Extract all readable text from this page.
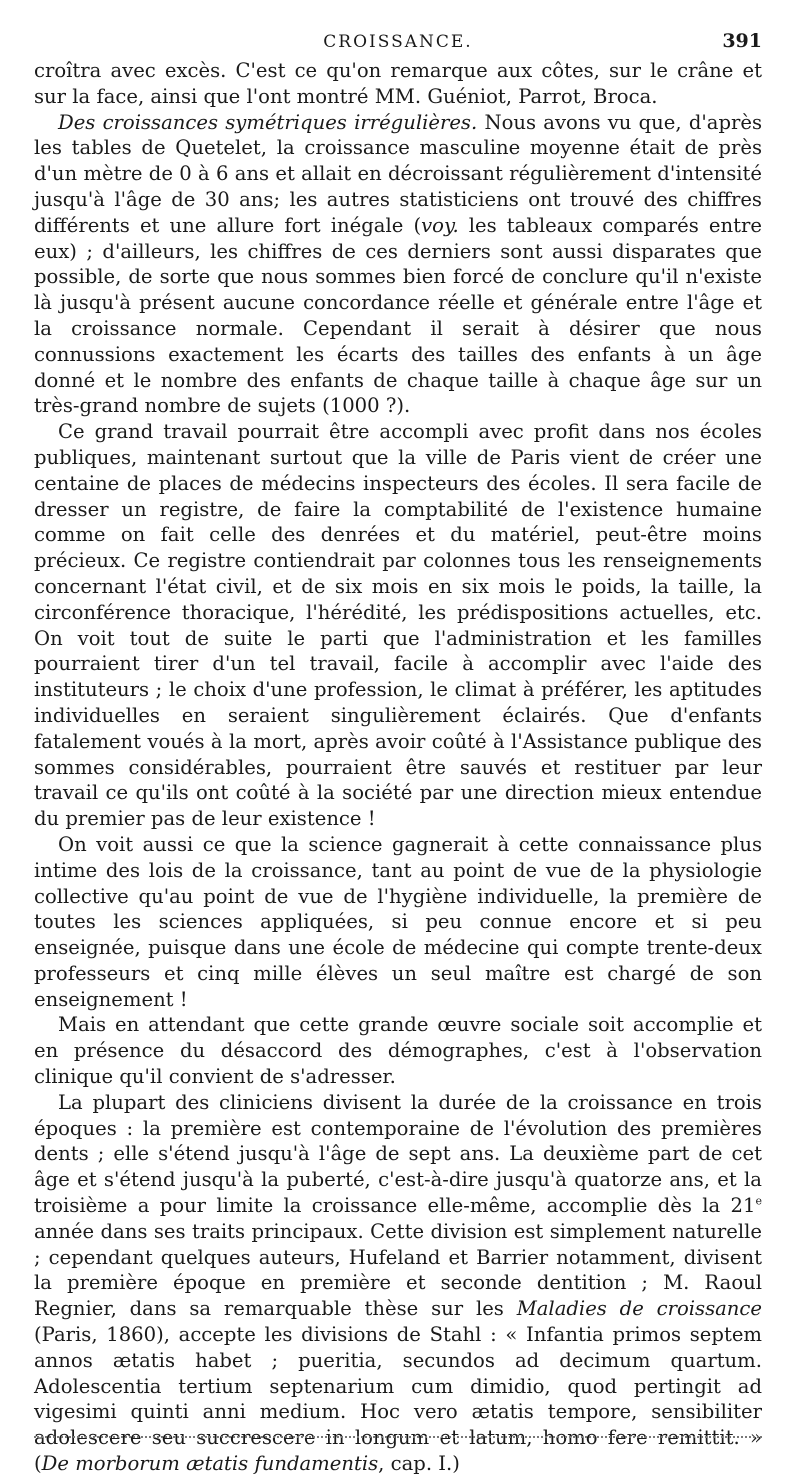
CROISSANCE.	391

croîtra avec excès. C'est ce qu'on remarque aux côtes, sur le crâne et sur la face, ainsi que l'ont montré MM. Guéniot, Parrot, Broca.

Des croissances symétriques irrégulières. Nous avons vu que, d'après les tables de Quetelet, la croissance masculine moyenne était de près d'un mètre de 0 à 6 ans et allait en décroissant régulièrement d'intensité jusqu'à l'âge de 30 ans; les autres statisticiens ont trouvé des chiffres différents et une allure fort inégale (voy. les tableaux comparés entre eux) ; d'ailleurs, les chiffres de ces derniers sont aussi disparates que possible, de sorte que nous sommes bien forcé de conclure qu'il n'existe là jusqu'à présent aucune concordance réelle et générale entre l'âge et la croissance normale. Cependant il serait à désirer que nous connussions exactement les écarts des tailles des enfants à un âge donné et le nombre des enfants de chaque taille à chaque âge sur un très-grand nombre de sujets (1000 ?).

Ce grand travail pourrait être accompli avec profit dans nos écoles publiques, maintenant surtout que la ville de Paris vient de créer une centaine de places de médecins inspecteurs des écoles. Il sera facile de dresser un registre, de faire la comptabilité de l'existence humaine comme on fait celle des denrées et du matériel, peut-être moins précieux. Ce registre contiendrait par colonnes tous les renseignements concernant l'état civil, et de six mois en six mois le poids, la taille, la circonférence thoracique, l'hérédité, les prédispositions actuelles, etc. On voit tout de suite le parti que l'administration et les familles pourraient tirer d'un tel travail, facile à accomplir avec l'aide des instituteurs ; le choix d'une profession, le climat à préférer, les aptitudes individuelles en seraient singulièrement éclairés. Que d'enfants fatalement voués à la mort, après avoir coûté à l'Assistance publique des sommes considérables, pourraient être sauvés et restituer par leur travail ce qu'ils ont coûté à la société par une direction mieux entendue du premier pas de leur existence !

On voit aussi ce que la science gagnerait à cette connaissance plus intime des lois de la croissance, tant au point de vue de la physiologie collective qu'au point de vue de l'hygiène individuelle, la première de toutes les sciences appliquées, si peu connue encore et si peu enseignée, puisque dans une école de médecine qui compte trente-deux professeurs et cinq mille élèves un seul maître est chargé de son enseignement !

Mais en attendant que cette grande œuvre sociale soit accomplie et en présence du désaccord des démographes, c'est à l'observation clinique qu'il convient de s'adresser.

La plupart des cliniciens divisent la durée de la croissance en trois époques : la première est contemporaine de l'évolution des premières dents ; elle s'étend jusqu'à l'âge de sept ans. La deuxième part de cet âge et s'étend jusqu'à la puberté, c'est-à-dire jusqu'à quatorze ans, et la troisième a pour limite la croissance elle-même, accomplie dès la 21e année dans ses traits principaux. Cette division est simplement naturelle ; cependant quelques auteurs, Hufeland et Barrier notamment, divisent la première époque en première et seconde dentition ; M. Raoul Regnier, dans sa remarquable thèse sur les Maladies de croissance (Paris, 1860), accepte les divisions de Stahl : « Infantia primos septem annos ætatis habet ; pueritia, secundos ad decimum quartum. Adolescentia tertium septenarium cum dimidio, quod pertingit ad vigesimi quinti anni medium. Hoc vero ætatis tempore, sensibiliter adolescere seu succrescere in longum et latum, homo fere remittit. » (De morborum ætatis fundamentis, cap. I.)
